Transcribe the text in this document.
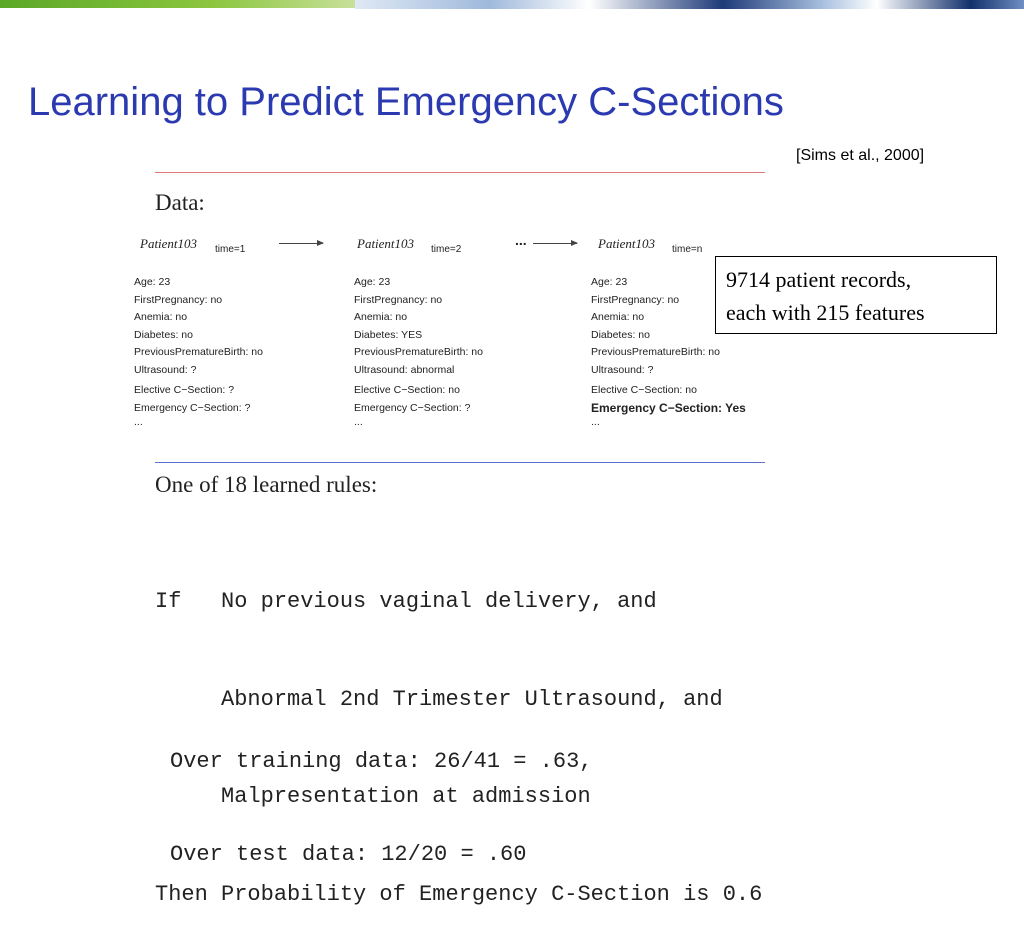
Learning to Predict Emergency C-Sections
[Sims et al., 2000]
Data:
Patient103 time=1	Patient103 time=2
...	Patient103 time=n
Age: 23
FirstPregnancy: no
Anemia: no
Diabetes: no
PreviousPrematureBirth: no
Ultrasound: ?
Elective C−Section: ?
Emergency C−Section: ?
...
Age: 23
FirstPregnancy: no
Anemia: no
Diabetes: YES
PreviousPrematureBirth: no
Ultrasound: abnormal
Elective C−Section: no
Emergency C−Section: ?
...
Age: 23
FirstPregnancy: no
Anemia: no
Diabetes: no
PreviousPrematureBirth: no
Ultrasound: ?
Elective C−Section: no
Emergency C−Section: Yes
...
9714 patient records,
each with 215 features
One of 18 learned rules:

If   No previous vaginal delivery, and

Abnormal 2nd Trimester Ultrasound, and

Malpresentation at admission

Then Probability of Emergency C-Section is 0.6

Over training data: 26/41 = .63,

Over test data: 12/20 = .60
